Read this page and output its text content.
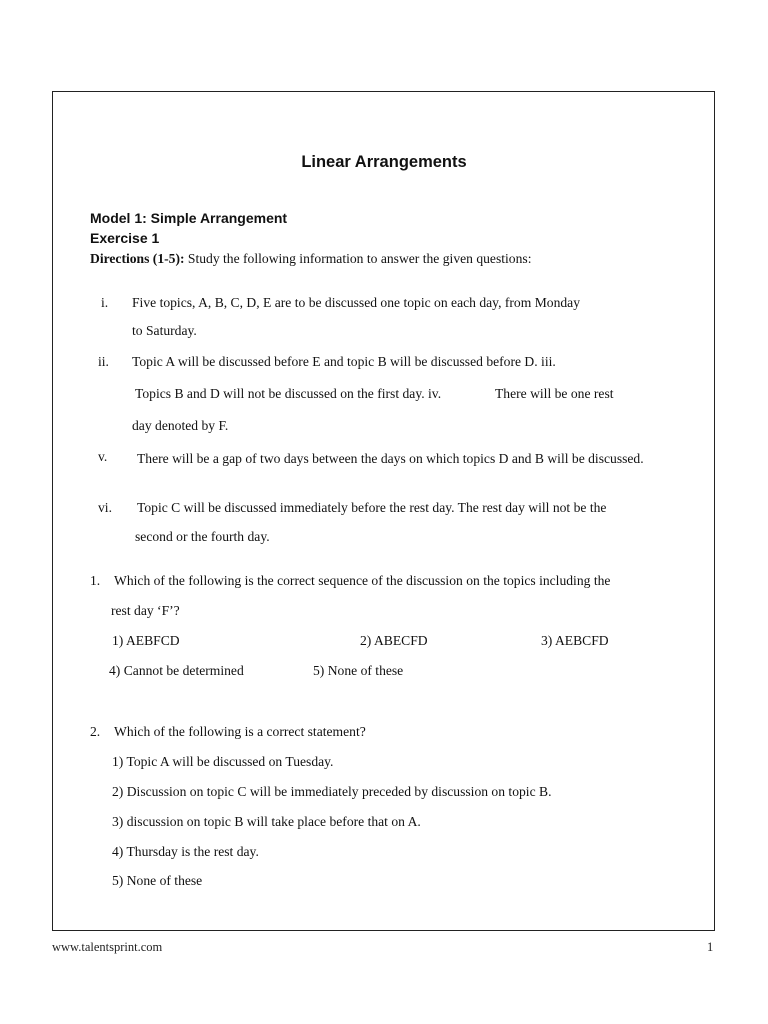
Linear Arrangements
Model 1: Simple Arrangement
Exercise 1
Directions (1-5): Study the following information to answer the given questions:
i. Five topics, A, B, C, D, E are to be discussed one topic on each day, from Monday
to Saturday.
ii. Topic A will be discussed before E and topic B will be discussed before D. iii.
Topics B and D will not be discussed on the first day. iv.	There will be one rest
day denoted by F.
v. There will be a gap of two days between the days on which topics D and B will be discussed.
vi. Topic C will be discussed immediately before the rest day. The rest day will not be the
second or the fourth day.
1. Which of the following is the correct sequence of the discussion on the topics including the
rest day ‘F’?
1) AEBFCD	2) ABECFD	3) AEBCFD
4) Cannot be determined	5) None of these
2. Which of the following is a correct statement?
1) Topic A will be discussed on Tuesday.
2) Discussion on topic C will be immediately preceded by discussion on topic B.
3) discussion on topic B will take place before that on A.
4) Thursday is the rest day.
5) None of these
www.talentsprint.com	1
